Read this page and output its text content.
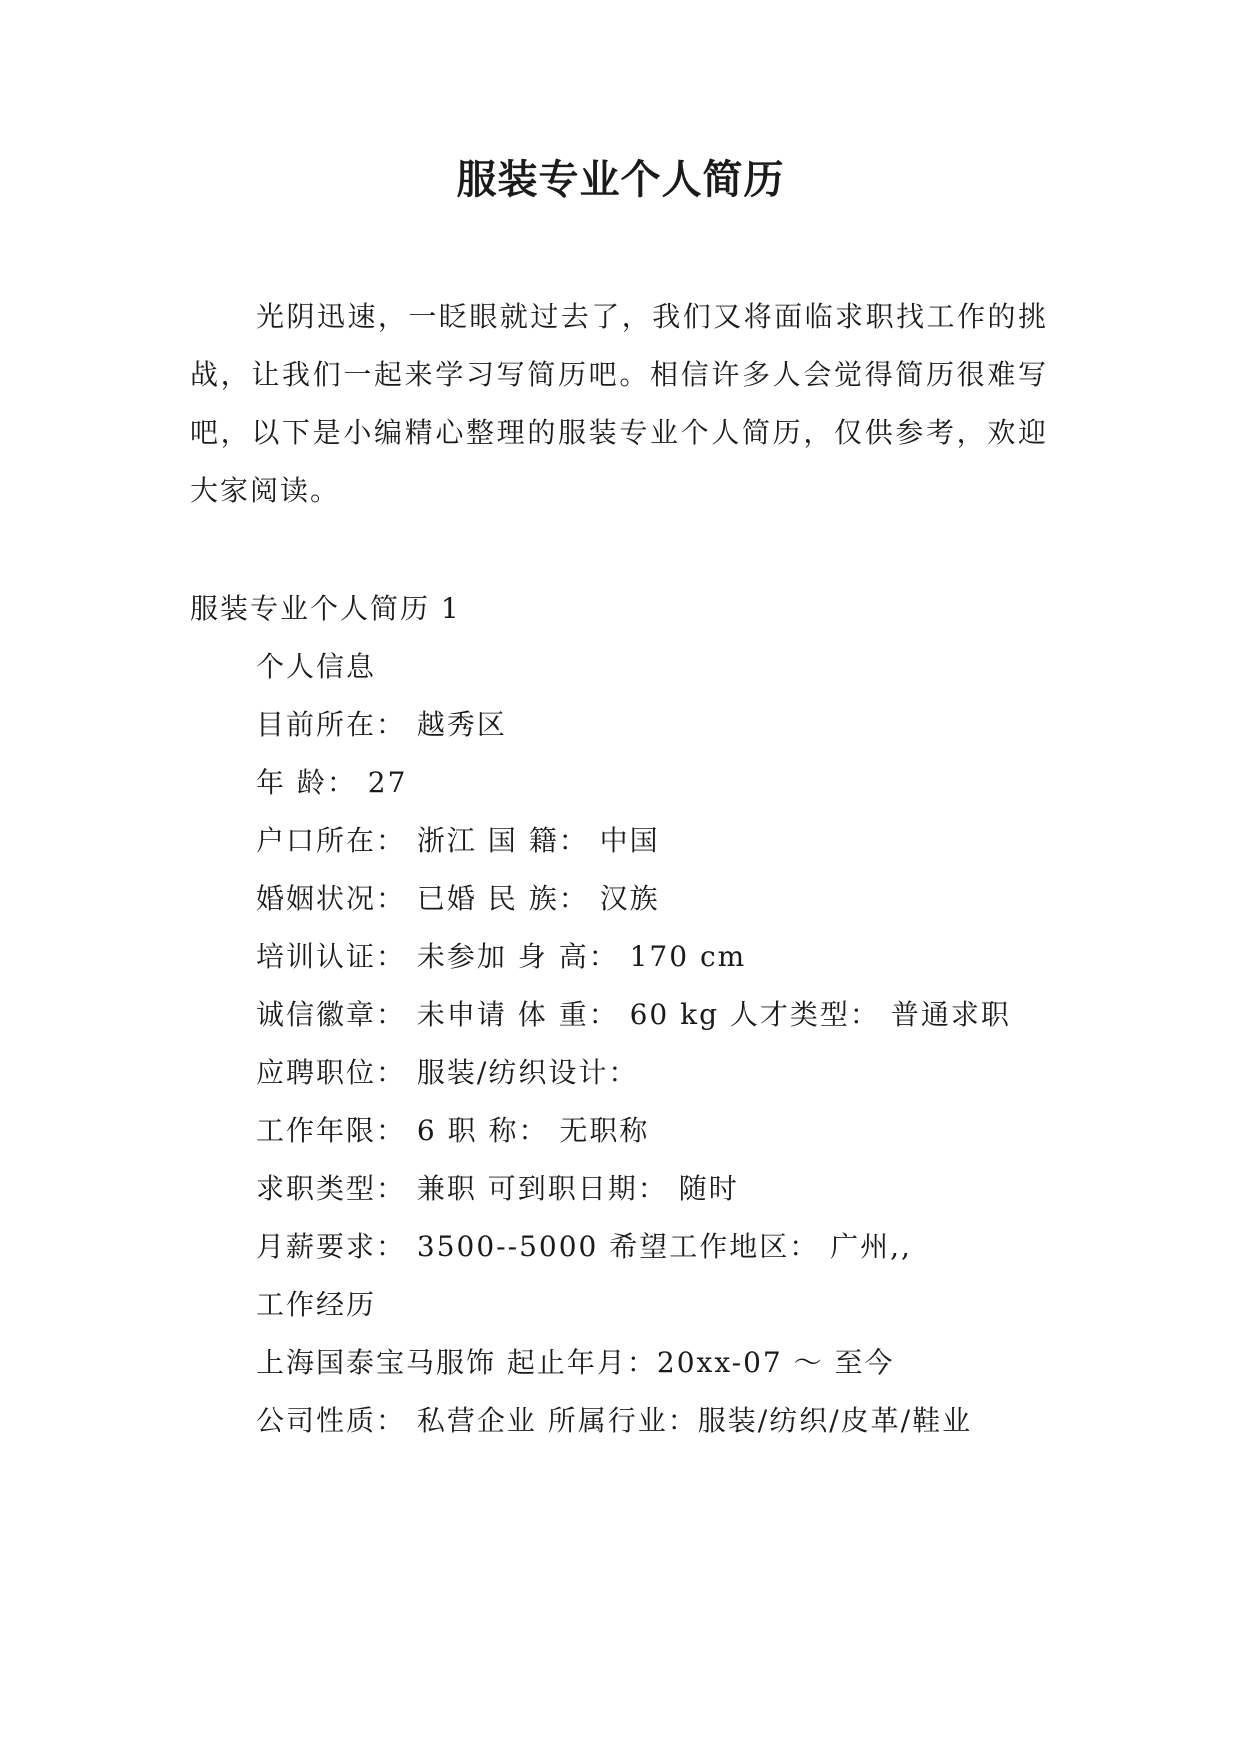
服装专业个人简历

光阴迅速，一眨眼就过去了，我们又将面临求职找工作的挑战，让我们一起来学习写简历吧。相信许多人会觉得简历很难写吧，以下是小编精心整理的服装专业个人简历，仅供参考，欢迎大家阅读。

服装专业个人简历 1

个人信息

目前所在： 越秀区

年 龄： 27

户口所在： 浙江 国 籍： 中国

婚姻状况： 已婚 民 族： 汉族

培训认证： 未参加 身 高： 170 cm

诚信徽章： 未申请 体 重： 60 kg 人才类型： 普通求职

应聘职位： 服装/纺织设计：

工作年限： 6 职 称： 无职称

求职类型： 兼职 可到职日期： 随时

月薪要求： 3500--5000 希望工作地区： 广州,,

工作经历

上海国泰宝马服饰 起止年月：20xx-07 ～ 至今

公司性质： 私营企业 所属行业：服装/纺织/皮革/鞋业
